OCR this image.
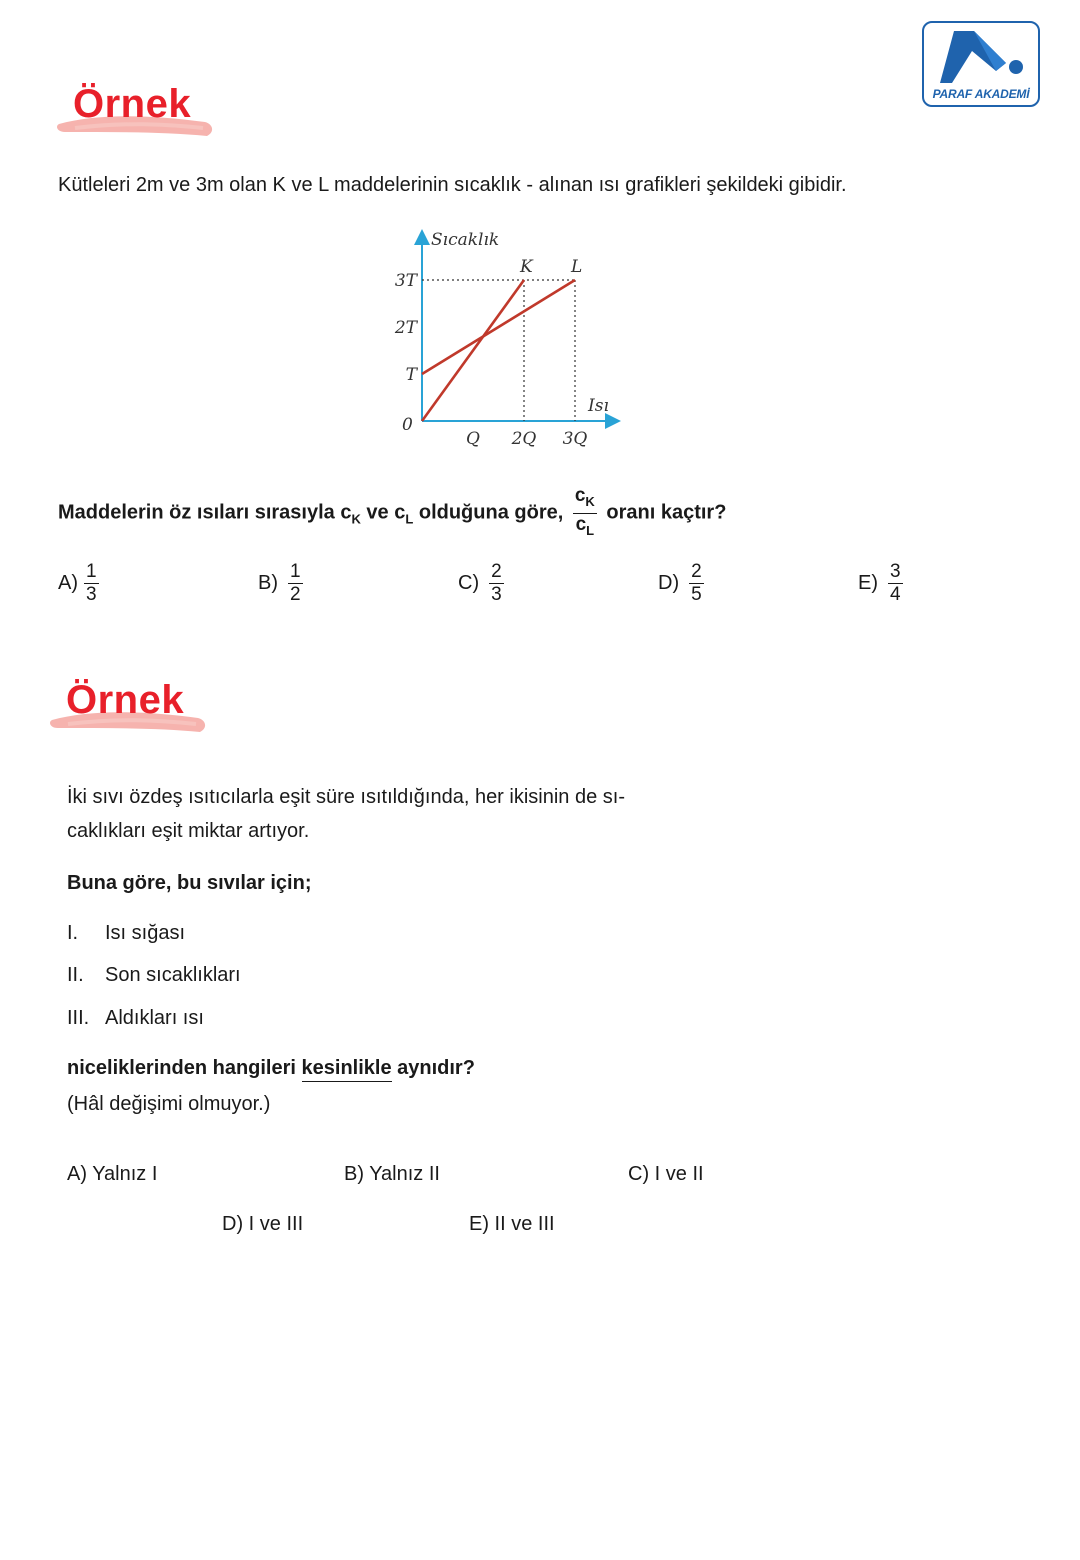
PARAF AKADEMİ
Örnek
Kütleleri 2m ve 3m olan K ve L maddelerinin sıcaklık - alınan ısı grafikleri şekildeki gibidir.
K L
Q 2Q 3Q
T
2T
3T
Sıcaklık
Isı
0
Maddelerin öz ısıları sırasıyla $c_K$ ve $c_L$ olduğuna göre, $\frac{c_K}{c_L}$ oranı kaçtır?
$A) \frac{1}{3}$	$B) \frac{1}{2}$	$C) \frac{2}{3}$	$D) \frac{2}{5}$	$E) \frac{3}{4}$
Örnek
İki sıvı özdeş ısıtıcılarla eşit süre ısıtıldığında, her ikisinin de sı-
caklıkları eşit miktar artıyor.
Buna göre, bu sıvılar için;
I. Isı sığası
II. Son sıcaklıkları
III. Aldıkları ısı
niceliklerinden hangileri kesinlikle aynıdır?
(Hâl değişimi olmuyor.)
A) Yalnız I	B) Yalnız II	C) I ve II
D) I ve III	E) II ve III
